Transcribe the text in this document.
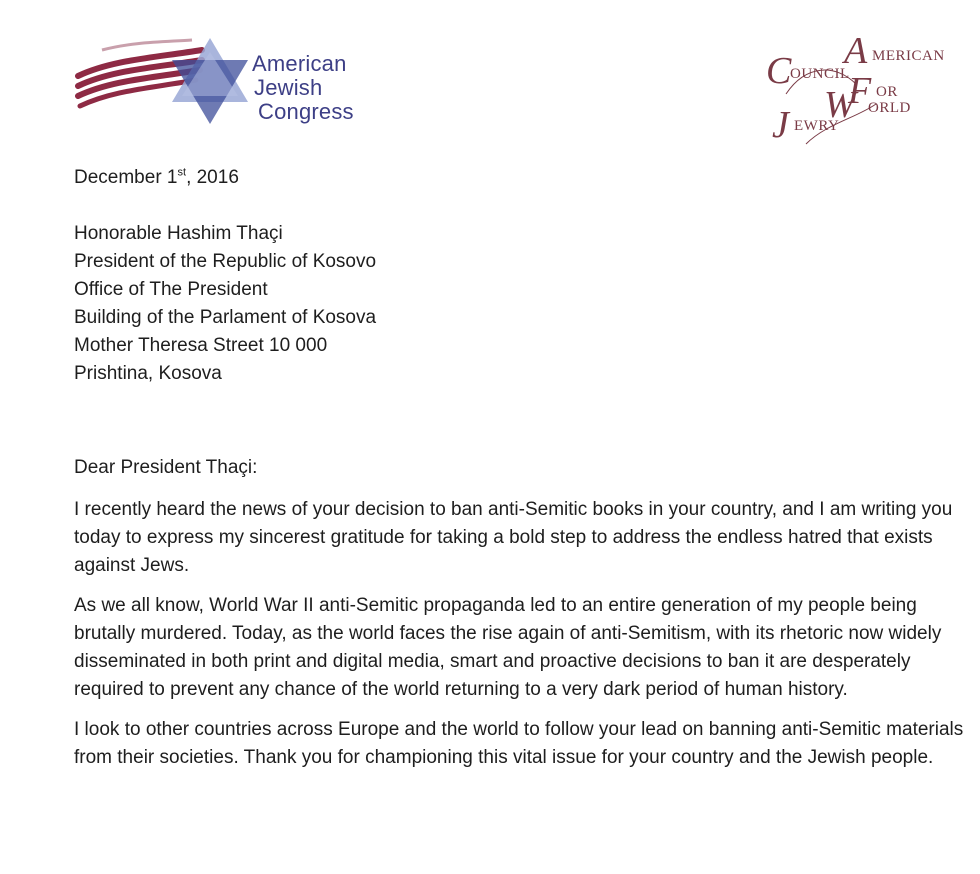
American
Jewish
Congress
A MERICAN
C
OUNCIL
F OR
W ORLD
J EWRY
December 1st, 2016
Honorable Hashim Thaçi
President of the Republic of Kosovo
Office of The President
Building of the Parlament of Kosova
Mother Theresa Street 10 000
Prishtina, Kosova
Dear President Thaçi:

I recently heard the news of your decision to ban anti-Semitic books in your country, and I am writing you today to express my sincerest gratitude for taking a bold step to address the endless hatred that exists against Jews.

As we all know, World War II anti-Semitic propaganda led to an entire generation of my people being brutally murdered. Today, as the world faces the rise again of anti-Semitism, with its rhetoric now widely disseminated in both print and digital media, smart and proactive decisions to ban it are desperately required to prevent any chance of the world returning to a very dark period of human history.

I look to other countries across Europe and the world to follow your lead on banning anti-Semitic materials from their societies. Thank you for championing this vital issue for your country and the Jewish people.
